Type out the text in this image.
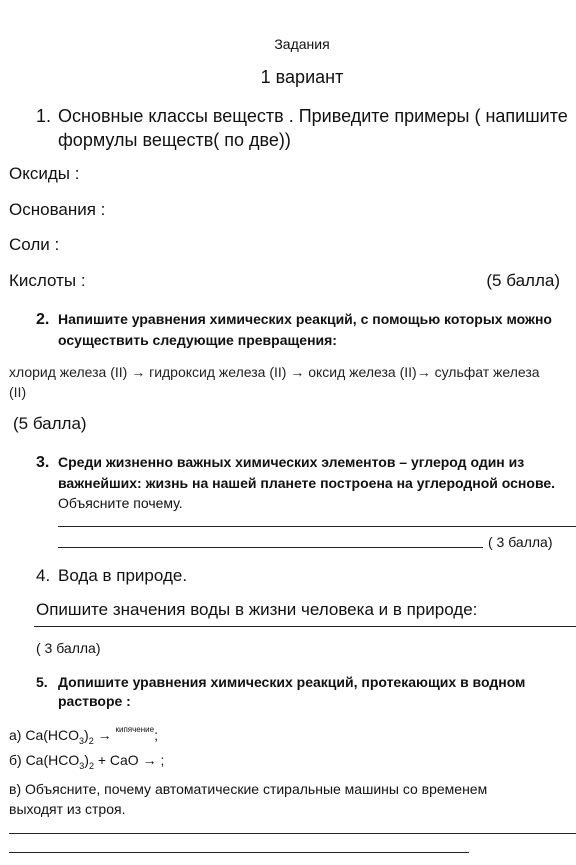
Задания
1 вариант
1. Основные классы веществ . Приведите примеры ( напишите
формулы веществ( по две))
Оксиды :
Основания :
Соли :
Кислоты :	(5 балла)
2. Напишите уравнения химических реакций, с помощью которых можно
осуществить следующие превращения:
хлорид железа (II) → гидроксид железа (II) → оксид железа (II)→ сульфат железа
(II)
(5 балла)
3. Среди жизненно важных химических элементов – углерод один из
важнейших: жизнь на нашей планете построена на углеродной основе.
Объясните почему.
( 3 балла)
4. Вода в природе.
Опишите значения воды в жизни человека и в природе:
( 3 балла)
5. Допишите уравнения химических реакций, протекающих в водном
растворе :
а) $Ca(HCO_3)_2 \to ^{кипячение}$;
б) $Ca(HCO_3)_2$ + CaO → ;
в) Объясните, почему автоматические стиральные машины со временем
выходят из строя.
